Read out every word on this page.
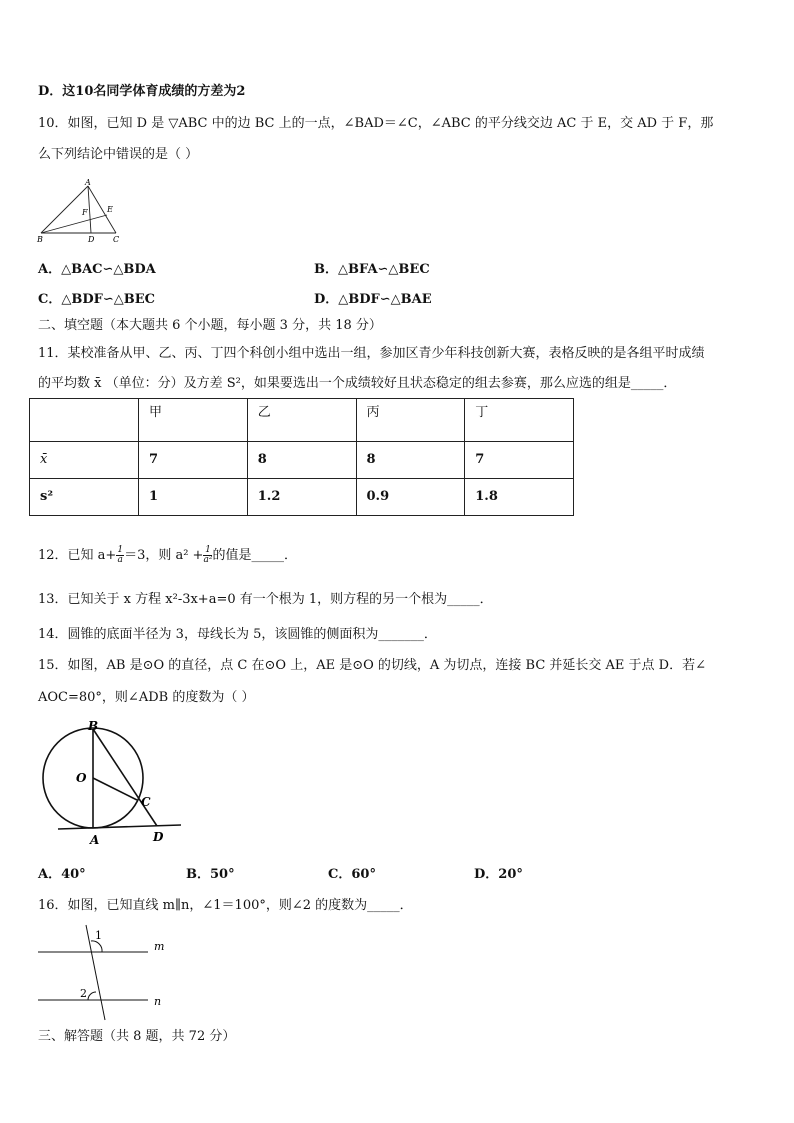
D．这10名同学体育成绩的方差为2
10．如图，已知 D 是 ▽ABC 中的边 BC 上的一点，∠BAD＝∠C，∠ABC 的平分线交边 AC 于 E，交 AD 于 F，那
么下列结论中错误的是（ ）
A
B	D C
E
F
A．△BAC∽△BDA	B．△BFA∽△BEC
C．△BDF∽△BEC	D．△BDF∽△BAE
二、填空题（本大题共 6 个小题，每小题 3 分，共 18 分）
11．某校准备从甲、乙、丙、丁四个科创小组中选出一组，参加区青少年科技创新大赛，表格反映的是各组平时成绩
的平均数 x̄ （单位：分）及方差 S²，如果要选出一个成绩较好且状态稳定的组去参赛，那么应选的组是_____．
	甲	乙	丙	丁
x̄	7	8	8	7
s²	1	1.2	0.9	1.8
12．已知 $a+ \frac{1}{a} =3$，则 $a^2 + \frac{1}{\text{a²}}$ 的值是_____．
13．已知关于 x 方程 x²-3x+a=0 有一个根为 1，则方程的另一个根为_____．
14．圆锥的底面半径为 3，母线长为 5，该圆锥的侧面积为_______．
15．如图，AB 是⊙O 的直径，点 C 在⊙O 上，AE 是⊙O 的切线，A 为切点，连接 BC 并延长交 AE 于点 D．若∠
AOC=80°，则∠ADB 的度数为（ ）
B
O
C
A	D
A．40°	B．50°	C．60°	D．20°
16．如图，已知直线 m∥n，∠1＝100°，则∠2 的度数为_____．
1
2
m
n
三、解答题（共 8 题，共 72 分）
